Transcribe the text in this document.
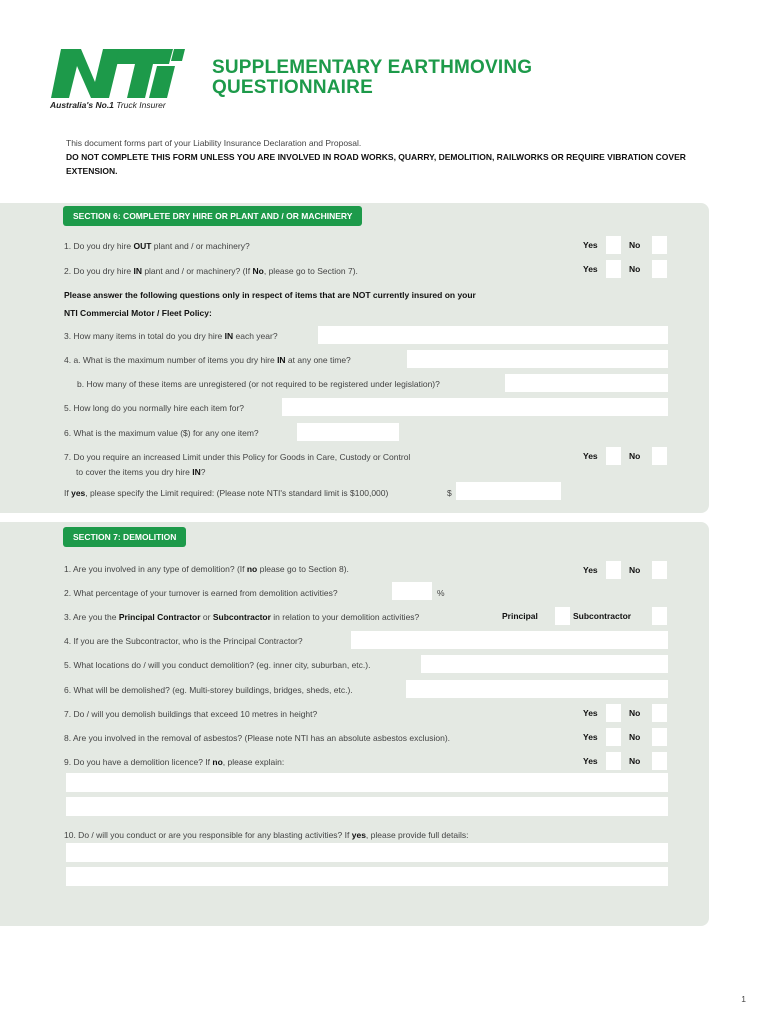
Australia's No.1 Truck Insurer
SUPPLEMENTARY EARTHMOVING
QUESTIONNAIRE
This document forms part of your Liability Insurance Declaration and Proposal.
DO NOT COMPLETE THIS FORM UNLESS YOU ARE INVOLVED IN ROAD WORKS, QUARRY, DEMOLITION, RAILWORKS OR REQUIRE VIBRATION COVER EXTENSION.
SECTION 6: COMPLETE DRY HIRE OR PLANT AND / OR MACHINERY
1. Do you dry hire OUT plant and / or machinery?	Yes	No
2. Do you dry hire IN plant and / or machinery? (If No, please go to Section 7).	Yes	No
Please answer the following questions only in respect of items that are NOT currently insured on your
NTI Commercial Motor / Fleet Policy:
3. How many items in total do you dry hire IN each year?
4. a. What is the maximum number of items you dry hire IN at any one time?
b. How many of these items are unregistered (or not required to be registered under legislation)?
5. How long do you normally hire each item for?
6. What is the maximum value ($) for any one item?
7. Do you require an increased Limit under this Policy for Goods in Care, Custody or Control
to cover the items you dry hire IN?
Yes	No
If yes, please specify the Limit required: (Please note NTI's standard limit is $100,000)	$
SECTION 7: DEMOLITION
1. Are you involved in any type of demolition? (If no please go to Section 8).	Yes	No
2. What percentage of your turnover is earned from demolition activities?	%
3. Are you the Principal Contractor or Subcontractor in relation to your demolition activities?	Principal	Subcontractor
4. If you are the Subcontractor, who is the Principal Contractor?
5. What locations do / will you conduct demolition? (eg. inner city, suburban, etc.).
6. What will be demolished? (eg. Multi-storey buildings, bridges, sheds, etc.).
7. Do / will you demolish buildings that exceed 10 metres in height?	Yes	No
8. Are you involved in the removal of asbestos? (Please note NTI has an absolute asbestos exclusion).	Yes	No
9. Do you have a demolition licence? If no, please explain:	Yes	No
10. Do / will you conduct or are you responsible for any blasting activities? If yes, please provide full details:
1
